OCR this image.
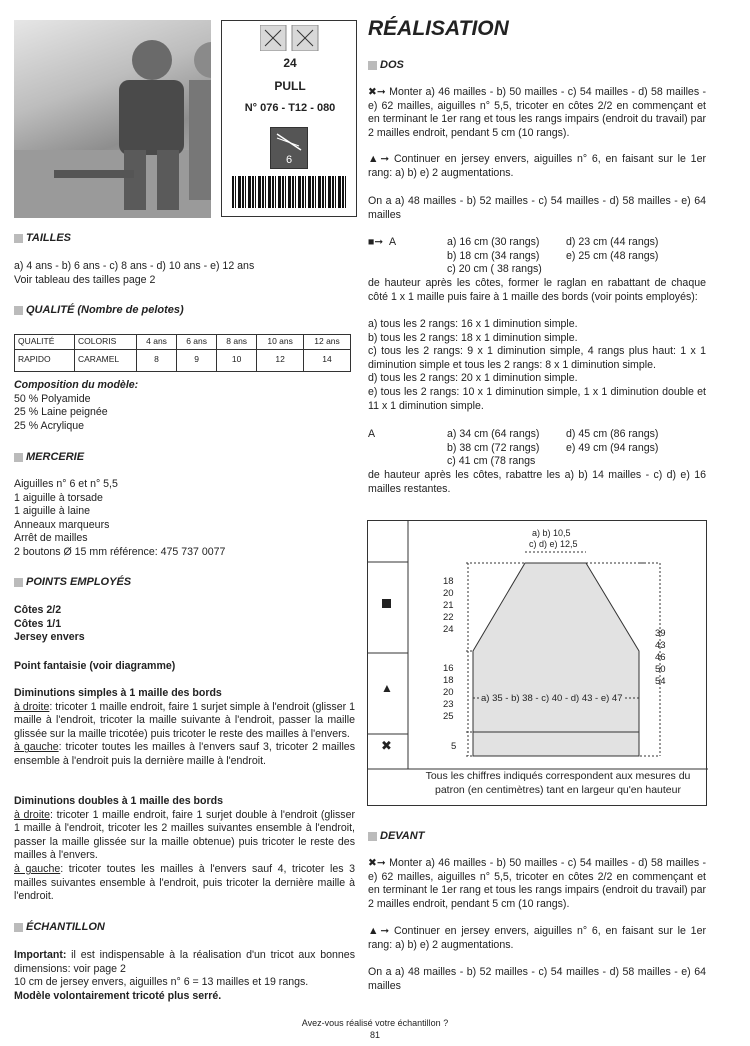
24
PULL
N° 076 - T12 - 080
6
TAILLES
a) 4 ans - b) 6 ans - c) 8 ans - d) 10 ans - e) 12 ans
Voir tableau des tailles page 2
QUALITÉ (Nombre de pelotes)
QUALITÉ	COLORIS	4 ans	6 ans	8 ans	10 ans	12 ans
RAPIDO	CARAMEL	8	9	10	12	14
Composition du modèle:
50 % Polyamide
25 % Laine peignée
25 % Acrylique
MERCERIE
Aiguilles n° 6 et n° 5,5
1 aiguille à torsade
1 aiguille à laine
Anneaux marqueurs
Arrêt de mailles
2 boutons Ø 15 mm référence: 475 737 0077
POINTS EMPLOYÉS
Côtes 2/2
Côtes 1/1
Jersey envers
Point fantaisie (voir diagramme)
Diminutions simples à 1 maille des bords
à droite: tricoter 1 maille endroit, faire 1 surjet simple à l'endroit (glisser 1 maille à l'endroit, tricoter la maille suivante à l'endroit, passer la maille glissée sur la maille tricotée) puis tricoter le reste des mailles à l'envers.
à gauche: tricoter toutes les mailles à l'envers sauf 3, tricoter 2 mailles ensemble à l'endroit puis la dernière maille à l'endroit.
Diminutions doubles à 1 maille des bords
à droite: tricoter 1 maille endroit, faire 1 surjet double à l'endroit (glisser 1 maille à l'endroit, tricoter les 2 mailles suivantes ensemble à l'endroit, passer la maille glissée sur la maille obtenue) puis tricoter le reste des mailles à l'envers.
à gauche: tricoter toutes les mailles à l'envers sauf 4, tricoter les 3 mailles suivantes ensemble à l'endroit, puis tricoter la dernière maille à l'endroit.
ÉCHANTILLON
Important: il est indispensable à la réalisation d'un tricot aux bonnes dimensions: voir page 2
10 cm de jersey envers, aiguilles n° 6 = 13 mailles et 19 rangs.
Modèle volontairement tricoté plus serré.
RÉALISATION
DOS
✖➞ Monter a) 46 mailles - b) 50 mailles - c) 54 mailles - d) 58 mailles - e) 62 mailles, aiguilles n° 5,5, tricoter en côtes 2/2 en commençant et en terminant le 1er rang et tous les rangs impairs (endroit du travail) par 2 mailles endroit, pendant 5 cm (10 rangs).
▲➞ Continuer en jersey envers, aiguilles n° 6, en faisant sur le 1er rang: a) b) e) 2 augmentations.
On a a) 48 mailles - b) 52 mailles - c) 54 mailles - d) 58 mailles - e) 64 mailles
■➞ A	a) 16 cm (30 rangs)	d) 23 cm (44 rangs)
b) 18 cm (34 rangs)	e) 25 cm (48 rangs)
c) 20 cm ( 38 rangs)
de hauteur après les côtes, former le raglan en rabattant de chaque côté 1 x 1 maille puis faire à 1 maille des bords (voir points employés):
a) tous les 2 rangs: 16 x 1 diminution simple.
b) tous les 2 rangs: 18 x 1 diminution simple.
c) tous les 2 rangs: 9 x 1 diminution simple, 4 rangs plus haut: 1 x 1 diminution simple et tous les 2 rangs: 8 x 1 diminution simple.
d) tous les 2 rangs: 20 x 1 diminution simple.
e) tous les 2 rangs: 10 x 1 diminution simple, 1 x 1 diminution double et 11 x 1 diminution simple.
A	a) 34 cm (64 rangs)	d) 45 cm (86 rangs)
b) 38 cm (72 rangs)	e) 49 cm (94 rangs)
c) 41 cm (78 rangs
de hauteur après les côtes, rabattre les a) b) 14 mailles - c) d) e) 16 mailles restantes.
▲
✖
a) b) 10,5
c) d) e) 12,5
18
20
21
22
24
16
18
20
23
25
5
39
43
46
50
54
a) 35 - b) 38 - c) 40 - d) 43 - e) 47
Tous les chiffres indiqués correspondent aux mesures du
patron (en centimètres) tant en largeur qu'en hauteur
DEVANT
✖➞ Monter a) 46 mailles - b) 50 mailles - c) 54 mailles - d) 58 mailles - e) 62 mailles, aiguilles n° 5,5, tricoter en côtes 2/2 en commençant et en terminant le 1er rang et tous les rangs impairs (endroit du travail) par 2 mailles endroit, pendant 5 cm (10 rangs).
▲➞ Continuer en jersey envers, aiguilles n° 6, en faisant sur le 1er rang: a) b) e) 2 augmentations.
On a a) 48 mailles - b) 52 mailles - c) 54 mailles - d) 58 mailles - e) 64 mailles
Avez-vous réalisé votre échantillon ?
81
